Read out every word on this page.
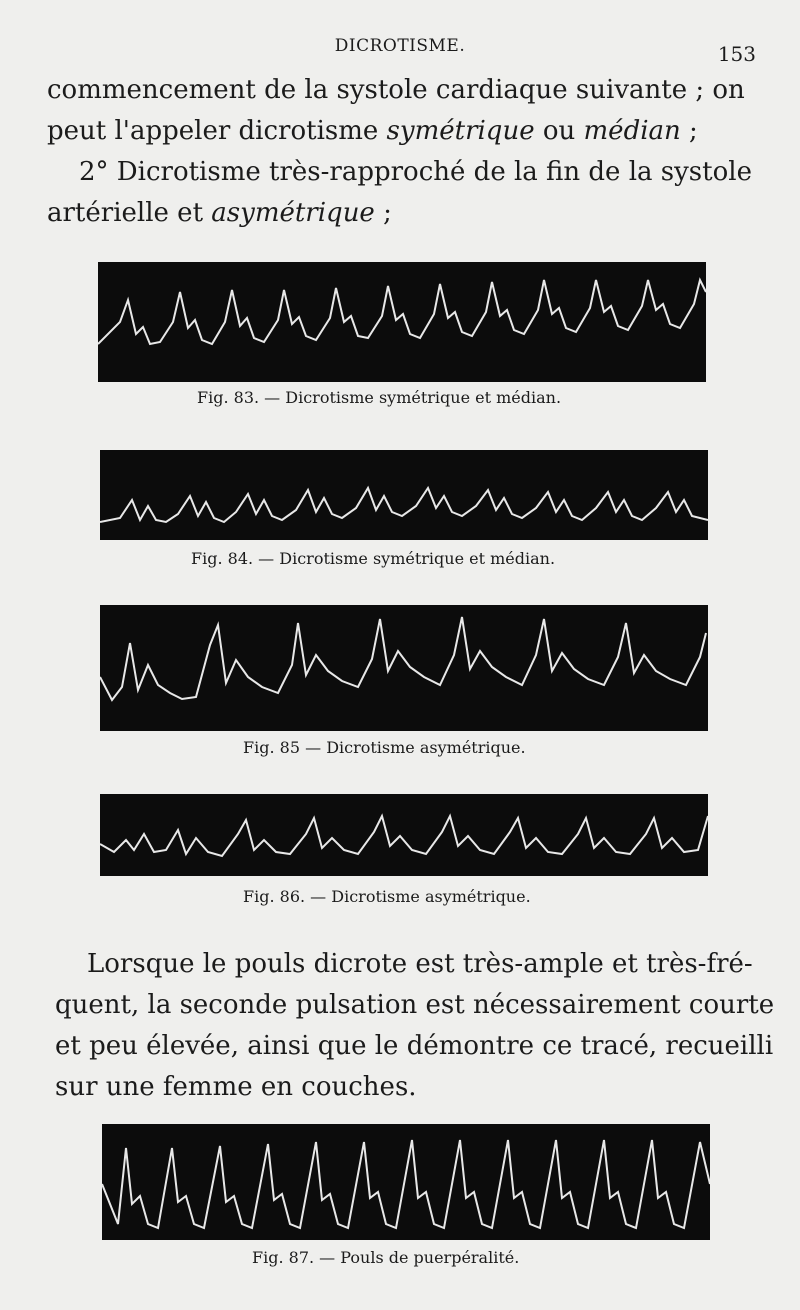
DICROTISME.	153
commencement de la systole cardiaque suivante ; on
peut l'appeler dicrotisme symétrique ou médian ;
2° Dicrotisme très-rapproché de la fin de la systole
artérielle et asymétrique ;
Fig. 83. — Dicrotisme symétrique et médian.
Fig. 84. — Dicrotisme symétrique et médian.
Fig. 85 — Dicrotisme asymétrique.
Fig. 86. — Dicrotisme asymétrique.
Lorsque le pouls dicrote est très-ample et très-fré-
quent, la seconde pulsation est nécessairement courte
et peu élevée, ainsi que le démontre ce tracé, recueilli
sur une femme en couches.
Fig. 87. — Pouls de puerpéralité.
